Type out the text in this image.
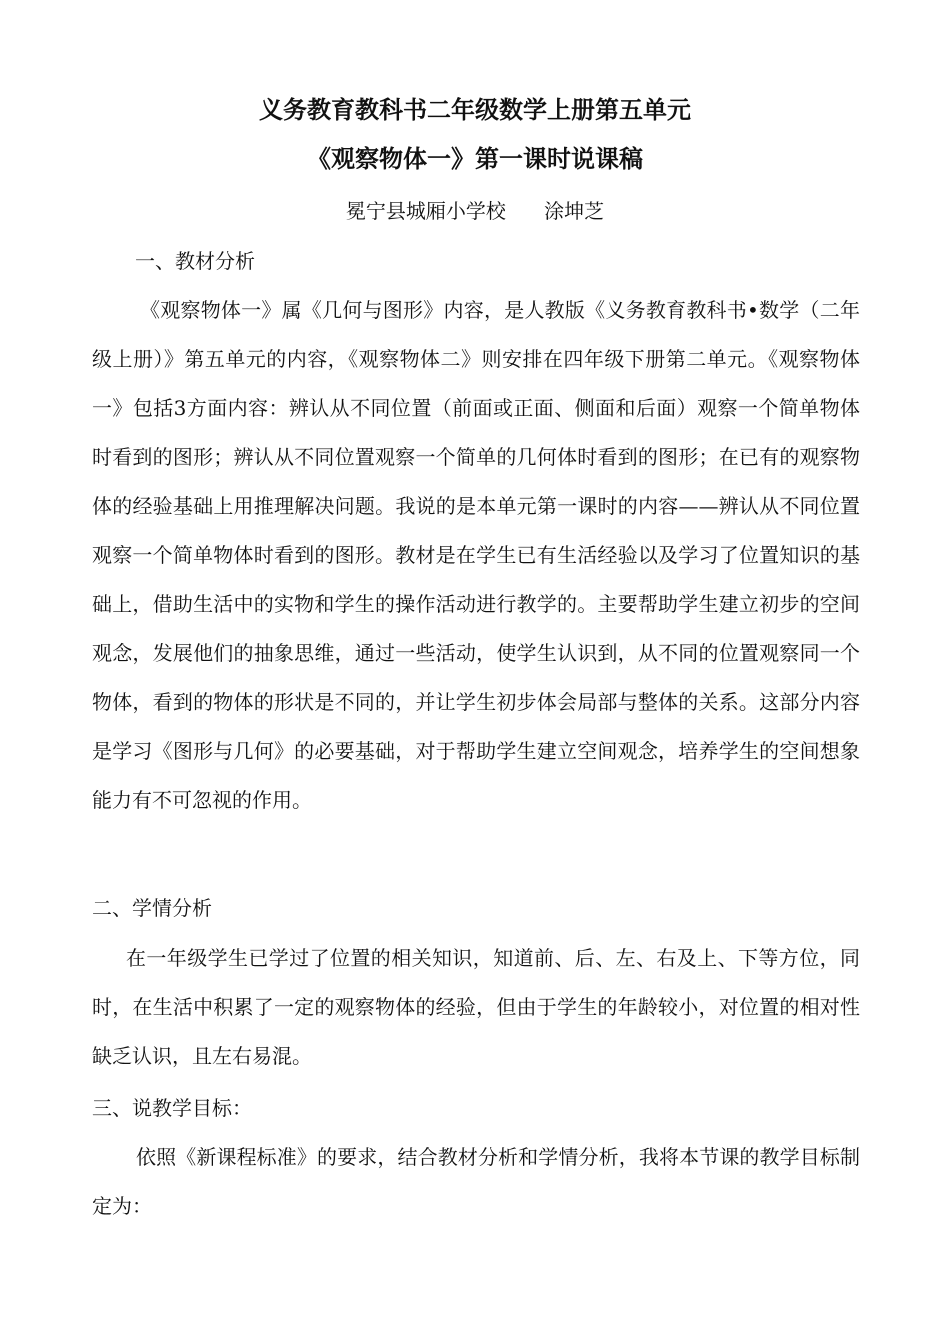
义务教育教科书二年级数学上册第五单元
《观察物体一》第一课时说课稿
冕宁县城厢小学校      涂坤芝
一、教材分析

《观察物体一》属《几何与图形》内容，是人教版《义务教育教科书•数学（二年级上册）》第五单元的内容，《观察物体二》则安排在四年级下册第二单元。《观察物体一》包括3方面内容：辨认从不同位置（前面或正面、侧面和后面）观察一个简单物体时看到的图形；辨认从不同位置观察一个简单的几何体时看到的图形；在已有的观察物体的经验基础上用推理解决问题。我说的是本单元第一课时的内容——辨认从不同位置观察一个简单物体时看到的图形。教材是在学生已有生活经验以及学习了位置知识的基础上，借助生活中的实物和学生的操作活动进行教学的。主要帮助学生建立初步的空间观念，发展他们的抽象思维，通过一些活动，使学生认识到，从不同的位置观察同一个物体，看到的物体的形状是不同的，并让学生初步体会局部与整体的关系。这部分内容是学习《图形与几何》的必要基础，对于帮助学生建立空间观念，培养学生的空间想象能力有不可忽视的作用。

二、学情分析

在一年级学生已学过了位置的相关知识，知道前、后、左、右及上、下等方位，同时，在生活中积累了一定的观察物体的经验，但由于学生的年龄较小，对位置的相对性缺乏认识，且左右易混。

三、说教学目标：

依照《新课程标准》的要求，结合教材分析和学情分析，我将本节课的教学目标制定为：
